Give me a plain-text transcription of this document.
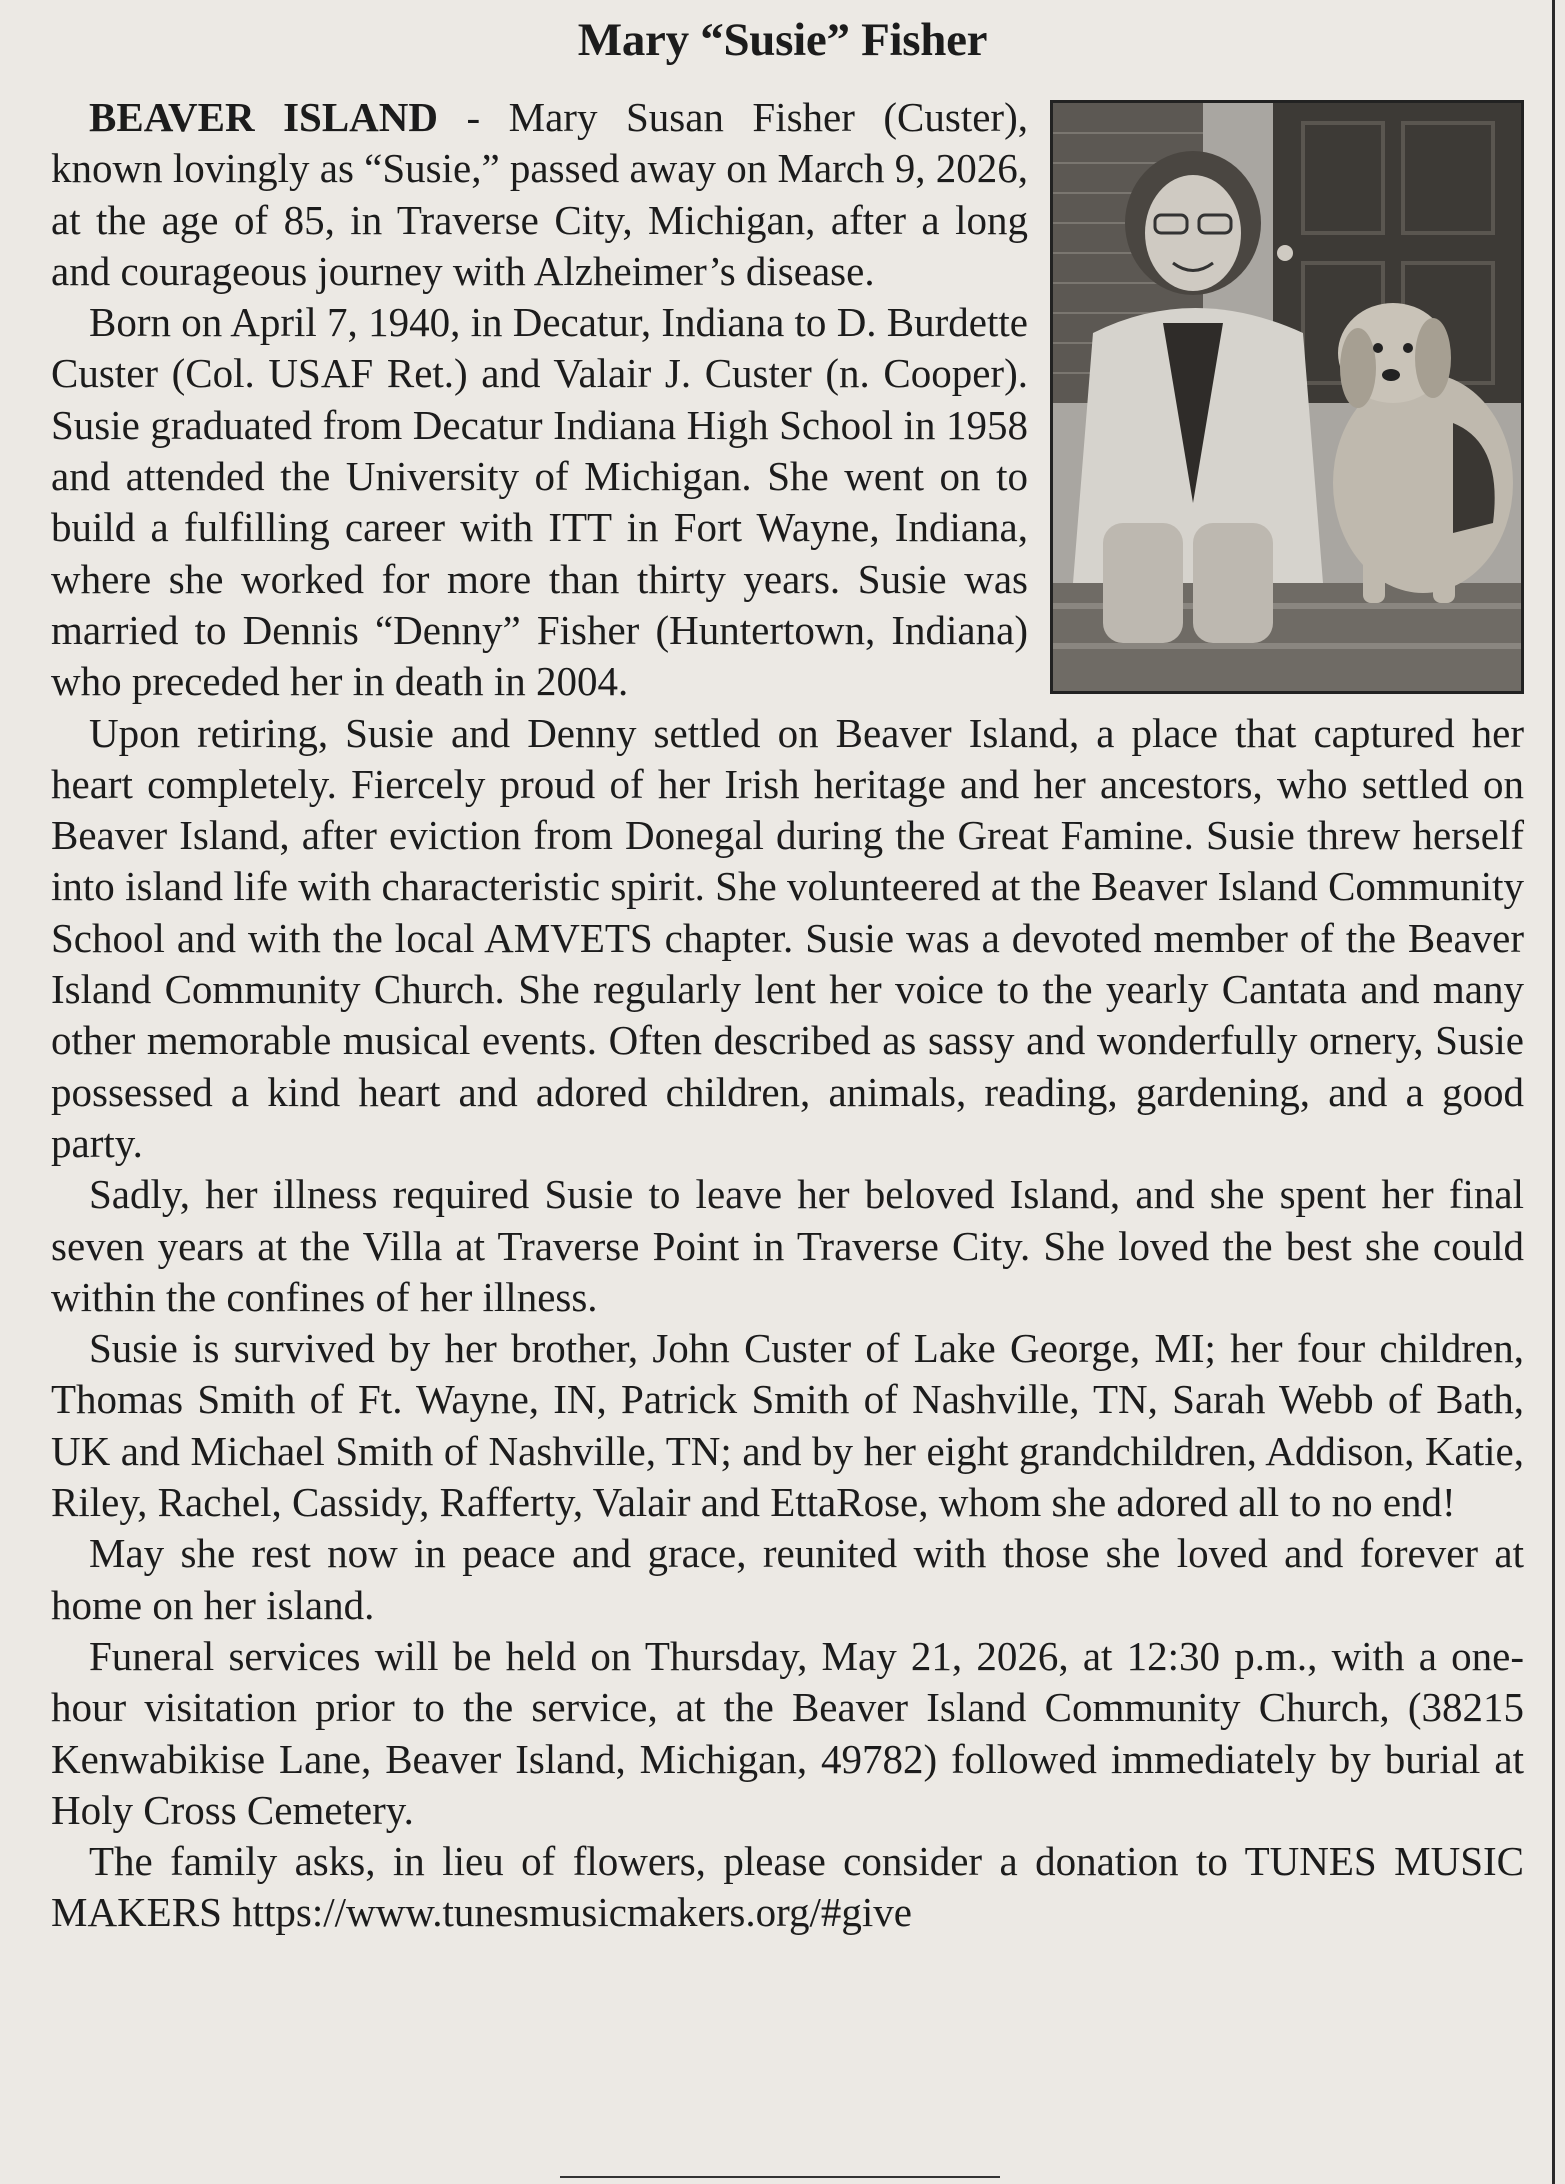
Mary “Susie” Fisher

BEAVER ISLAND - Mary Susan Fisher (Custer), known lovingly as “Susie,” passed away on March 9, 2026, at the age of 85, in Traverse City, Michigan, after a long and courageous journey with Alzheimer’s disease.

Born on April 7, 1940, in Decatur, Indiana to D. Burdette Custer (Col. USAF Ret.) and Valair J. Custer (n. Cooper). Susie graduated from Decatur Indiana High School in 1958 and attended the University of Michigan. She went on to build a fulfilling career with ITT in Fort Wayne, Indiana, where she worked for more than thirty years. Susie was married to Dennis “Denny” Fisher (Huntertown, Indiana) who preceded her in death in 2004.

Upon retiring, Susie and Denny settled on Beaver Island, a place that captured her heart completely. Fiercely proud of her Irish heritage and her ancestors, who settled on Beaver Island, after eviction from Donegal during the Great Famine. Susie threw herself into island life with characteristic spirit. She volunteered at the Beaver Island Community School and with the local AMVETS chapter. Susie was a devoted member of the Beaver Island Community Church. She regularly lent her voice to the yearly Cantata and many other memorable musical events. Often described as sassy and wonderfully ornery, Susie possessed a kind heart and adored children, animals, reading, gardening, and a good party.

Sadly, her illness required Susie to leave her beloved Island, and she spent her final seven years at the Villa at Traverse Point in Traverse City. She loved the best she could within the confines of her illness.

Susie is survived by her brother, John Custer of Lake George, MI; her four children, Thomas Smith of Ft. Wayne, IN, Patrick Smith of Nashville, TN, Sarah Webb of Bath, UK and Michael Smith of Nashville, TN; and by her eight grandchildren, Addison, Katie, Riley, Rachel, Cassidy, Rafferty, Valair and EttaRose, whom she adored all to no end!

May she rest now in peace and grace, reunited with those she loved and forever at home on her island.

Funeral services will be held on Thursday, May 21, 2026, at 12:30 p.m., with a one-hour visitation prior to the service, at the Beaver Island Community Church, (38215 Kenwabikise Lane, Beaver Island, Michigan, 49782) followed immediately by burial at Holy Cross Cemetery.

The family asks, in lieu of flowers, please consider a donation to TUNES MUSIC MAKERS https://www.tunesmusicmakers.org/#give
